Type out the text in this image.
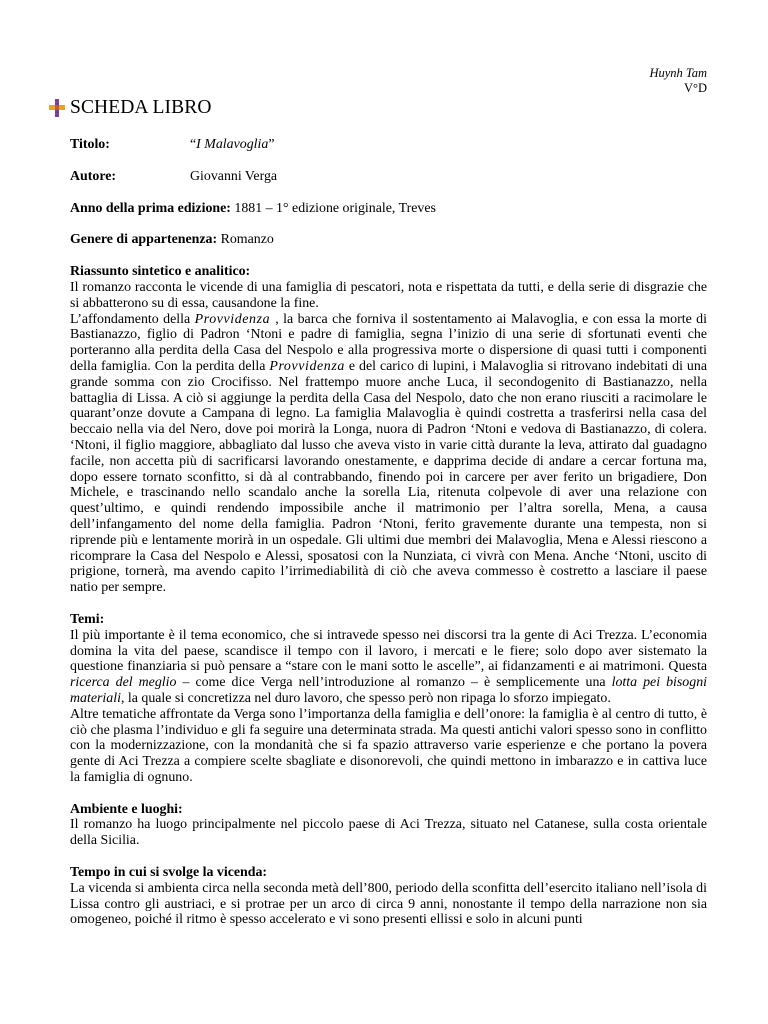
Huynh Tam
V°D
SCHEDA LIBRO
Titolo:	“I Malavoglia”
Autore:	Giovanni Verga

Anno della prima edizione: 1881 – 1° edizione originale, Treves

Genere di appartenenza: Romanzo

Riassunto sintetico e analitico:

Il romanzo racconta le vicende di una famiglia di pescatori, nota e rispettata da tutti, e della serie di disgrazie che si abbatterono su di essa, causandone la fine.

L’affondamento della Provvidenza , la barca che forniva il sostentamento ai Malavoglia, e con essa la morte di Bastianazzo, figlio di Padron ‘Ntoni e padre di famiglia, segna l’inizio di una serie di sfortunati eventi che porteranno alla perdita della Casa del Nespolo e alla progressiva morte o dispersione di quasi tutti i componenti della famiglia. Con la perdita della Provvidenza e del carico di lupini, i Malavoglia si ritrovano indebitati di una grande somma con zio Crocifisso. Nel frattempo muore anche Luca, il secondogenito di Bastianazzo, nella battaglia di Lissa. A ciò si aggiunge la perdita della Casa del Nespolo, dato che non erano riusciti a racimolare le quarant’onze dovute a Campana di legno. La famiglia Malavoglia è quindi costretta a trasferirsi nella casa del beccaio nella via del Nero, dove poi morirà la Longa, nuora di Padron ‘Ntoni e vedova di Bastianazzo, di colera. ‘Ntoni, il figlio maggiore, abbagliato dal lusso che aveva visto in varie città durante la leva, attirato dal guadagno facile, non accetta più di sacrificarsi lavorando onestamente, e dapprima decide di andare a cercar fortuna ma, dopo essere tornato sconfitto, si dà al contrabbando, finendo poi in carcere per aver ferito un brigadiere, Don Michele, e trascinando nello scandalo anche la sorella Lia, ritenuta colpevole di aver una relazione con quest’ultimo, e quindi rendendo impossibile anche il matrimonio per l’altra sorella, Mena, a causa dell’infangamento del nome della famiglia. Padron ‘Ntoni, ferito gravemente durante una tempesta, non si riprende più e lentamente morirà in un ospedale. Gli ultimi due membri dei Malavoglia, Mena e Alessi riescono a ricomprare la Casa del Nespolo e Alessi, sposatosi con la Nunziata, ci vivrà con Mena. Anche ‘Ntoni, uscito di prigione, tornerà, ma avendo capito l’irrimediabilità di ciò che aveva commesso è costretto a lasciare il paese natio per sempre.

Temi:

Il più importante è il tema economico, che si intravede spesso nei discorsi tra la gente di Aci Trezza. L’economia domina la vita del paese, scandisce il tempo con il lavoro, i mercati e le fiere; solo dopo aver sistemato la questione finanziaria si può pensare a “stare con le mani sotto le ascelle”, ai fidanzamenti e ai matrimoni. Questa ricerca del meglio – come dice Verga nell’introduzione al romanzo – è semplicemente una lotta pei bisogni materiali, la quale si concretizza nel duro lavoro, che spesso però non ripaga lo sforzo impiegato.

Altre tematiche affrontate da Verga sono l’importanza della famiglia e dell’onore: la famiglia è al centro di tutto, è ciò che plasma l’individuo e gli fa seguire una determinata strada. Ma questi antichi valori spesso sono in conflitto con la modernizzazione, con la mondanità che si fa spazio attraverso varie esperienze e che portano la povera gente di Aci Trezza a compiere scelte sbagliate e disonorevoli, che quindi mettono in imbarazzo e in cattiva luce la famiglia di ognuno.

Ambiente e luoghi:

Il romanzo ha luogo principalmente nel piccolo paese di Aci Trezza, situato nel Catanese, sulla costa orientale della Sicilia.

Tempo in cui si svolge la vicenda:

La vicenda si ambienta circa nella seconda metà dell’800, periodo della sconfitta dell’esercito italiano nell’isola di Lissa contro gli austriaci, e si protrae per un arco di circa 9 anni, nonostante il tempo della narrazione non sia omogeneo, poiché il ritmo è spesso accelerato e vi sono presenti ellissi e solo in alcuni punti
